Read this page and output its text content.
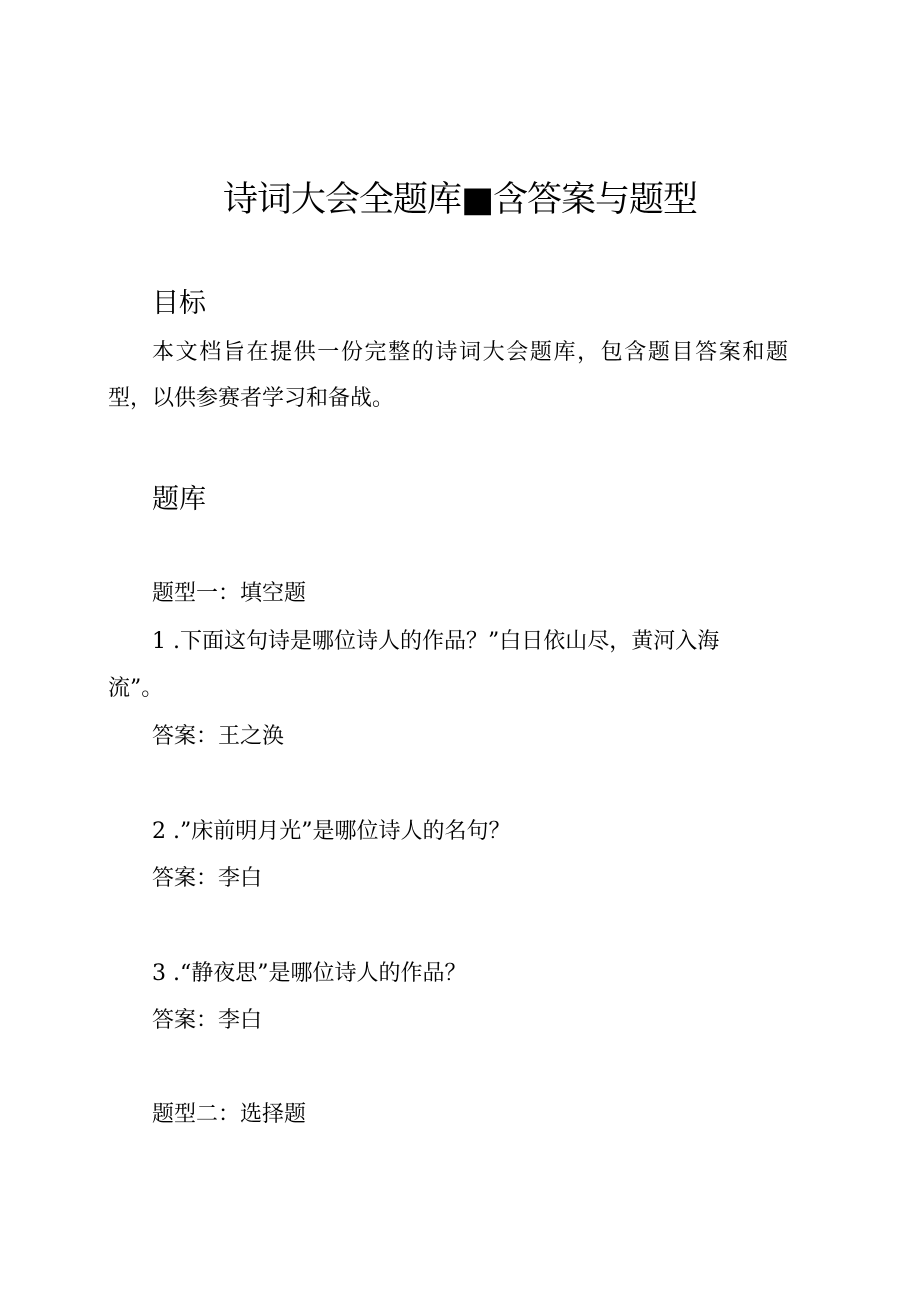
诗词大会全题库■含答案与题型
目标
本文档旨在提供一份完整的诗词大会题库，包含题目答案和题型，以供参赛者学习和备战。
题库
题型一：填空题
1 .下面这句诗是哪位诗人的作品？”白日依山尽，黄河入海
流”。
答案：王之涣
2 .”床前明月光”是哪位诗人的名句？
答案：李白
3 .“静夜思”是哪位诗人的作品？
答案：李白
题型二：选择题
